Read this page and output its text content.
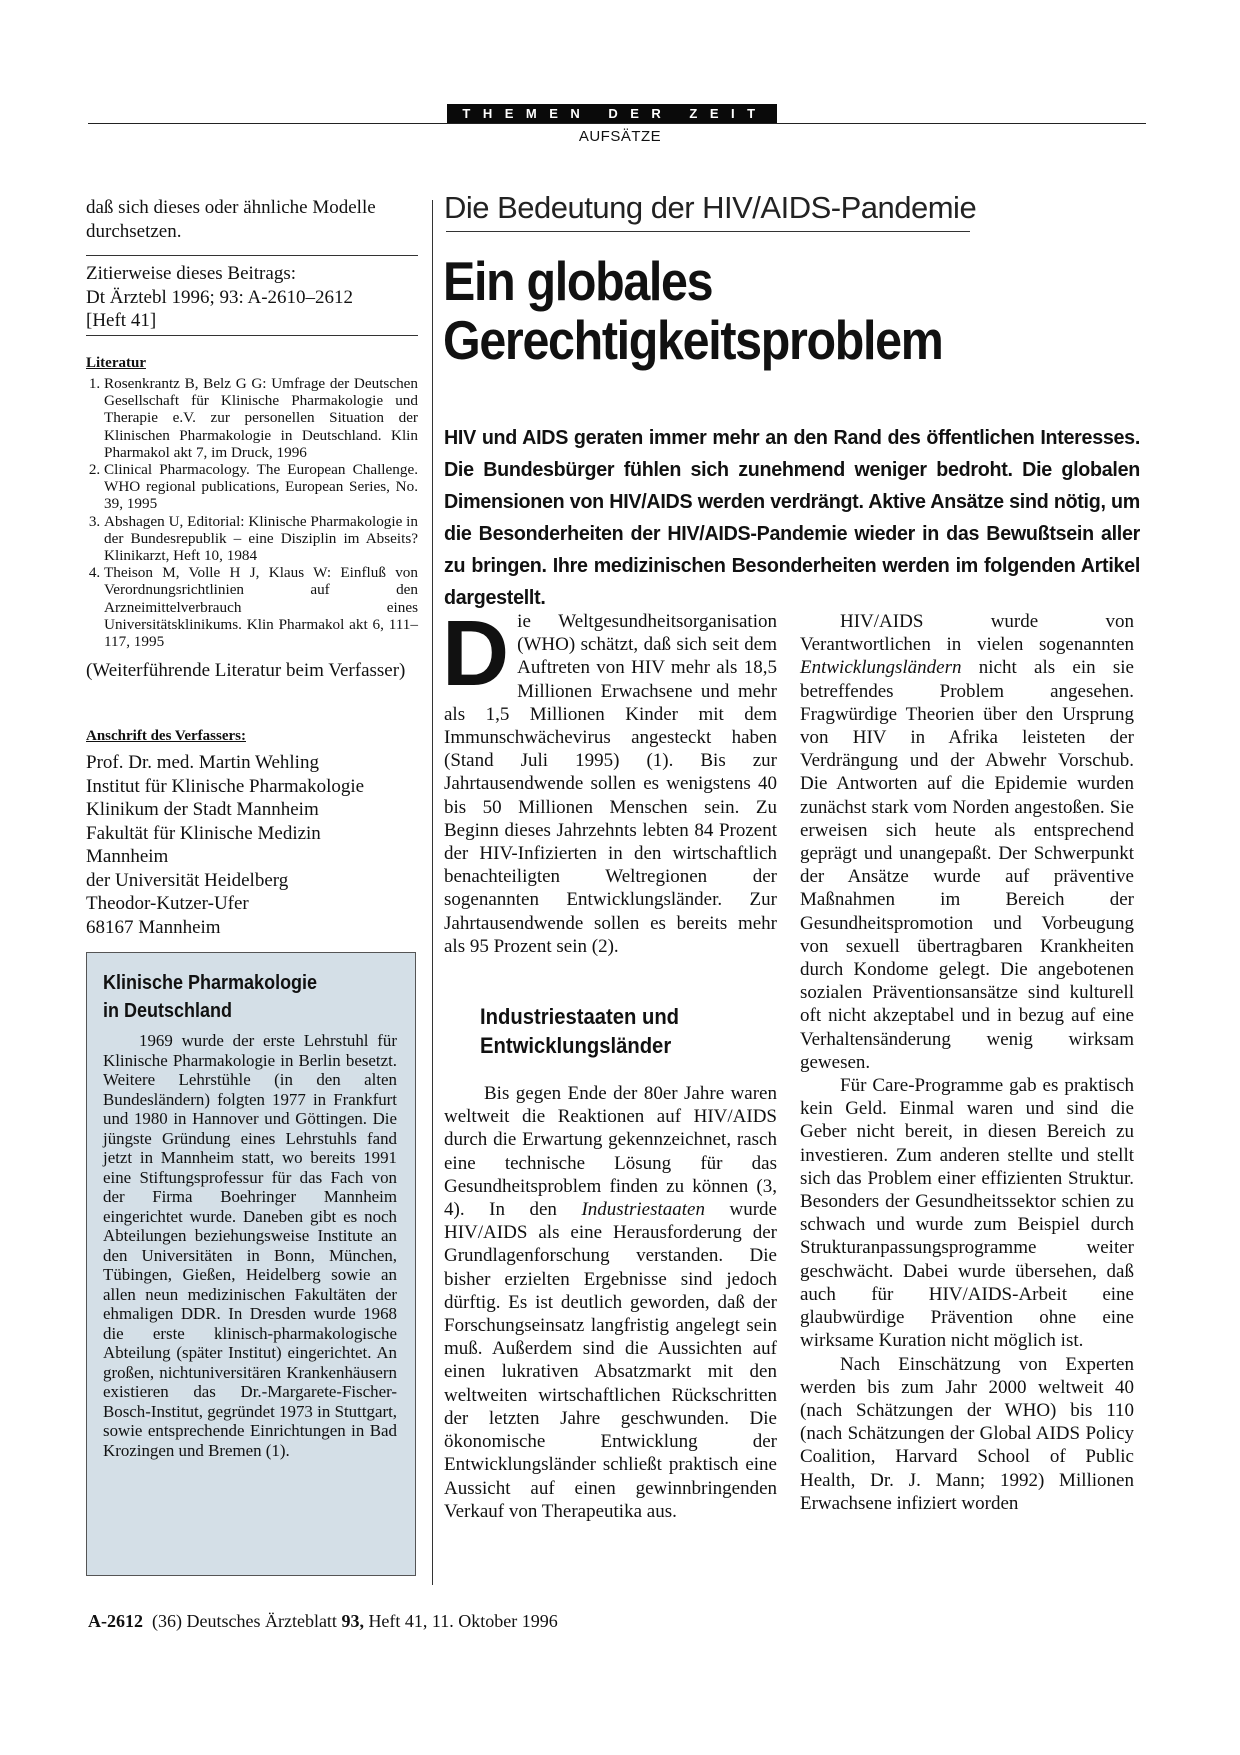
THEMEN DER ZEIT
AUFSÄTZE

daß sich dieses oder ähnliche Modelle durchsetzen.

Zitierweise dieses Beitrags:
Dt Ärztebl 1996; 93: A-2610–2612
[Heft 41]
Literatur
1. Rosenkrantz B, Belz G G: Umfrage der Deutschen Gesellschaft für Klinische Pharmakologie und Therapie e.V. zur personellen Situation der Klinischen Pharmakologie in Deutschland. Klin Pharmakol akt 7, im Druck, 1996
2. Clinical Pharmacology. The European Challenge. WHO regional publications, European Series, No. 39, 1995
3. Abshagen U, Editorial: Klinische Pharmakologie in der Bundesrepublik – eine Disziplin im Abseits? Klinikarzt, Heft 10, 1984
4. Theison M, Volle H J, Klaus W: Einfluß von Verordnungsrichtlinien auf den Arzneimittelverbrauch eines Universitätsklinikums. Klin Pharmakol akt 6, 111–117, 1995

(Weiterführende Literatur beim Verfasser)

Anschrift des Verfassers:
Prof. Dr. med. Martin Wehling
Institut für Klinische Pharmakologie
Klinikum der Stadt Mannheim
Fakultät für Klinische Medizin
Mannheim
der Universität Heidelberg
Theodor-Kutzer-Ufer
68167 Mannheim
Klinische Pharmakologie
in Deutschland

1969 wurde der erste Lehrstuhl für Klinische Pharmakologie in Berlin besetzt. Weitere Lehrstühle (in den alten Bundesländern) folgten 1977 in Frankfurt und 1980 in Hannover und Göttingen. Die jüngste Gründung eines Lehrstuhls fand jetzt in Mannheim statt, wo bereits 1991 eine Stiftungsprofessur für das Fach von der Firma Boehringer Mannheim eingerichtet wurde. Daneben gibt es noch Abteilungen beziehungsweise Institute an den Universitäten in Bonn, München, Tübingen, Gießen, Heidelberg sowie an allen neun medizinischen Fakultäten der ehmaligen DDR. In Dresden wurde 1968 die erste klinisch-pharmakologische Abteilung (später Institut) eingerichtet. An großen, nichtuniversitären Krankenhäusern existieren das Dr.-Margarete-Fischer-Bosch-Institut, gegründet 1973 in Stuttgart, sowie entsprechende Einrichtungen in Bad Krozingen und Bremen (1).

Die Bedeutung der HIV/AIDS-Pandemie
Ein globales
Gerechtigkeitsproblem

HIV und AIDS geraten immer mehr an den Rand des öffentlichen Interesses. Die Bundesbürger fühlen sich zunehmend weniger bedroht. Die globalen Dimensionen von HIV/AIDS werden verdrängt. Aktive Ansätze sind nötig, um die Besonderheiten der HIV/AIDS-Pandemie wieder in das Bewußtsein aller zu bringen. Ihre medizinischen Besonderheiten werden im folgenden Artikel dargestellt.

Die Weltgesundheitsorganisation (WHO) schätzt, daß sich seit dem Auftreten von HIV mehr als 18,5 Millionen Erwachsene und mehr als 1,5 Millionen Kinder mit dem Immunschwächevirus angesteckt haben (Stand Juli 1995) (1). Bis zur Jahrtausendwende sollen es wenigstens 40 bis 50 Millionen Menschen sein. Zu Beginn dieses Jahrzehnts lebten 84 Prozent der HIV-Infizierten in den wirtschaftlich benachteiligten Weltregionen der sogenannten Entwicklungsländer. Zur Jahrtausendwende sollen es bereits mehr als 95 Prozent sein (2).

Industriestaaten und
Entwicklungsländer

Bis gegen Ende der 80er Jahre waren weltweit die Reaktionen auf HIV/AIDS durch die Erwartung gekennzeichnet, rasch eine technische Lösung für das Gesundheitsproblem finden zu können (3, 4). In den Industriestaaten wurde HIV/AIDS als eine Herausforderung der Grundlagenforschung verstanden. Die bisher erzielten Ergebnisse sind jedoch dürftig. Es ist deutlich geworden, daß der Forschungseinsatz langfristig angelegt sein muß. Außerdem sind die Aussichten auf einen lukrativen Absatzmarkt mit den weltweiten wirtschaftlichen Rückschritten der letzten Jahre geschwunden. Die ökonomische Entwicklung der Entwicklungsländer schließt praktisch eine Aussicht auf einen gewinnbringenden Verkauf von Therapeutika aus.

HIV/AIDS wurde von Verantwortlichen in vielen sogenannten Entwicklungsländern nicht als ein sie betreffendes Problem angesehen. Fragwürdige Theorien über den Ursprung von HIV in Afrika leisteten der Verdrängung und der Abwehr Vorschub. Die Antworten auf die Epidemie wurden zunächst stark vom Norden angestoßen. Sie erweisen sich heute als entsprechend geprägt und unangepaßt. Der Schwerpunkt der Ansätze wurde auf präventive Maßnahmen im Bereich der Gesundheitspromotion und Vorbeugung von sexuell übertragbaren Krankheiten durch Kondome gelegt. Die angebotenen sozialen Präventionsansätze sind kulturell oft nicht akzeptabel und in bezug auf eine Verhaltensänderung wenig wirksam gewesen.

Für Care-Programme gab es praktisch kein Geld. Einmal waren und sind die Geber nicht bereit, in diesen Bereich zu investieren. Zum anderen stellte und stellt sich das Problem einer effizienten Struktur. Besonders der Gesundheitssektor schien zu schwach und wurde zum Beispiel durch Strukturanpassungsprogramme weiter geschwächt. Dabei wurde übersehen, daß auch für HIV/AIDS-Arbeit eine glaubwürdige Prävention ohne eine wirksame Kuration nicht möglich ist.

Nach Einschätzung von Experten werden bis zum Jahr 2000 weltweit 40 (nach Schätzungen der WHO) bis 110 (nach Schätzungen der Global AIDS Policy Coalition, Harvard School of Public Health, Dr. J. Mann; 1992) Millionen Erwachsene infiziert worden

A-2612 (36) Deutsches Ärzteblatt 93, Heft 41, 11. Oktober 1996
